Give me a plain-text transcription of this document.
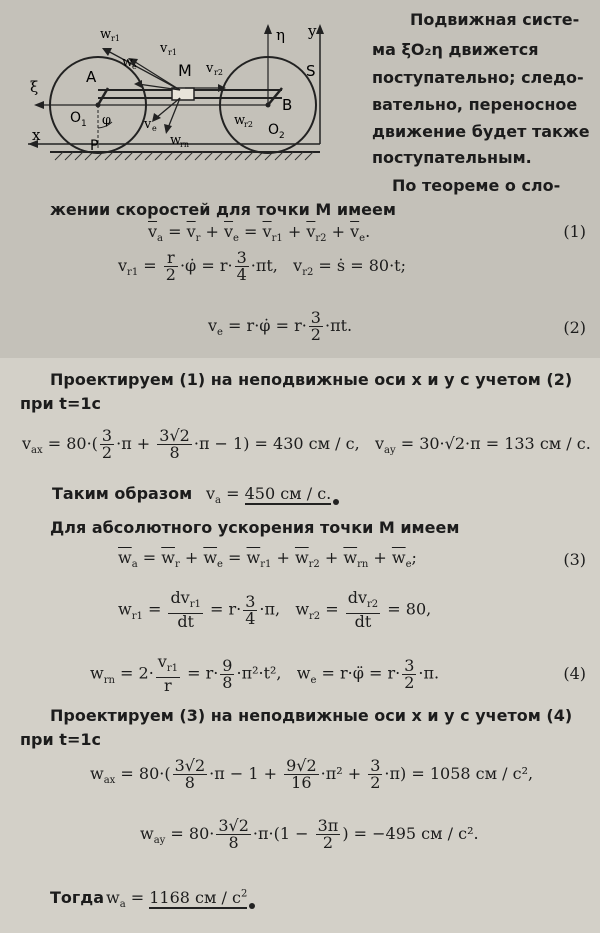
w r1
v r1
w
e	M v r2
η y
S
ξ
A
B
O 1 φ	v e
w
r2 O 2
x
P	w
rn
Подвижная систе-
ма ξO₂η движется
поступательно; следо-
вательно, переносное
движение будет также
поступательным.
По теореме о сло-
жении скоростей для точки М имеем
$\overline{v}_a = \overline{v}_r + \overline{v}_e = \overline{v}_{r1} + \overline{v}_{r2} + \overline{v}_e$.	(1)
$v_{r1} = \frac{r}{2}$ ·φ̇ = $r\cdot \frac{3}{4} \cdot\pi t$,   $v_{r2}$ = ṡ = 80·t;
$v_e$ = r·φ̇ = $r\cdot \frac{3}{2} \cdot\pi t$.	(2)
Проектируем (1) на неподвижные оси x и y с учетом (2)
при t=1c
$v_{ax} = 80\cdot( \frac{3}{2} \cdot\pi + \frac{3√2}{8} \cdot\pi - 1) = 430$ см / с,   $v_{ay} = 30\cdot√2\cdot\pi = 133$ см / с.
Таким образом $v_a = 450$ см / с.
Для абсолютного ускорения точки М имеем
$\overline{w}_a = \overline{w}_r + \overline{w}_e = \overline{w}_{r1} + \overline{w}_{r2} + \overline{w}_{rn} + \overline{w}_e$;	(3)
$w_{r1} = \frac{dv_{r1}}{dt} = r\cdot \frac{3}{4} \cdot\pi$,   $w_{r2} = \frac{dv_{r2}}{dt} = 80$,
$w_{rn} = 2\cdot \frac{v_{r1}}{r} = r\cdot \frac{9}{8} \cdot\pi^2\cdot t^2$,   $w_e$ = r·φ̈ = $r\cdot \frac{3}{2} \cdot\pi$.	(4)
Проектируем (3) на неподвижные оси x и y с учетом (4)
при t=1c
$w_{ax} = 80\cdot( \frac{3√2}{8} \cdot\pi - 1 + \frac{9√2}{16} \cdot\pi^2 + \frac{3}{2} \cdot\pi) = 1058$ см / c²,
$w_{ay} = 80\cdot \frac{3√2}{8} \cdot\pi\cdot(1 - \frac{3\pi}{2}$ ) = −495 см / c².
Тогда $w_a = 1168$ см / $c^2$
